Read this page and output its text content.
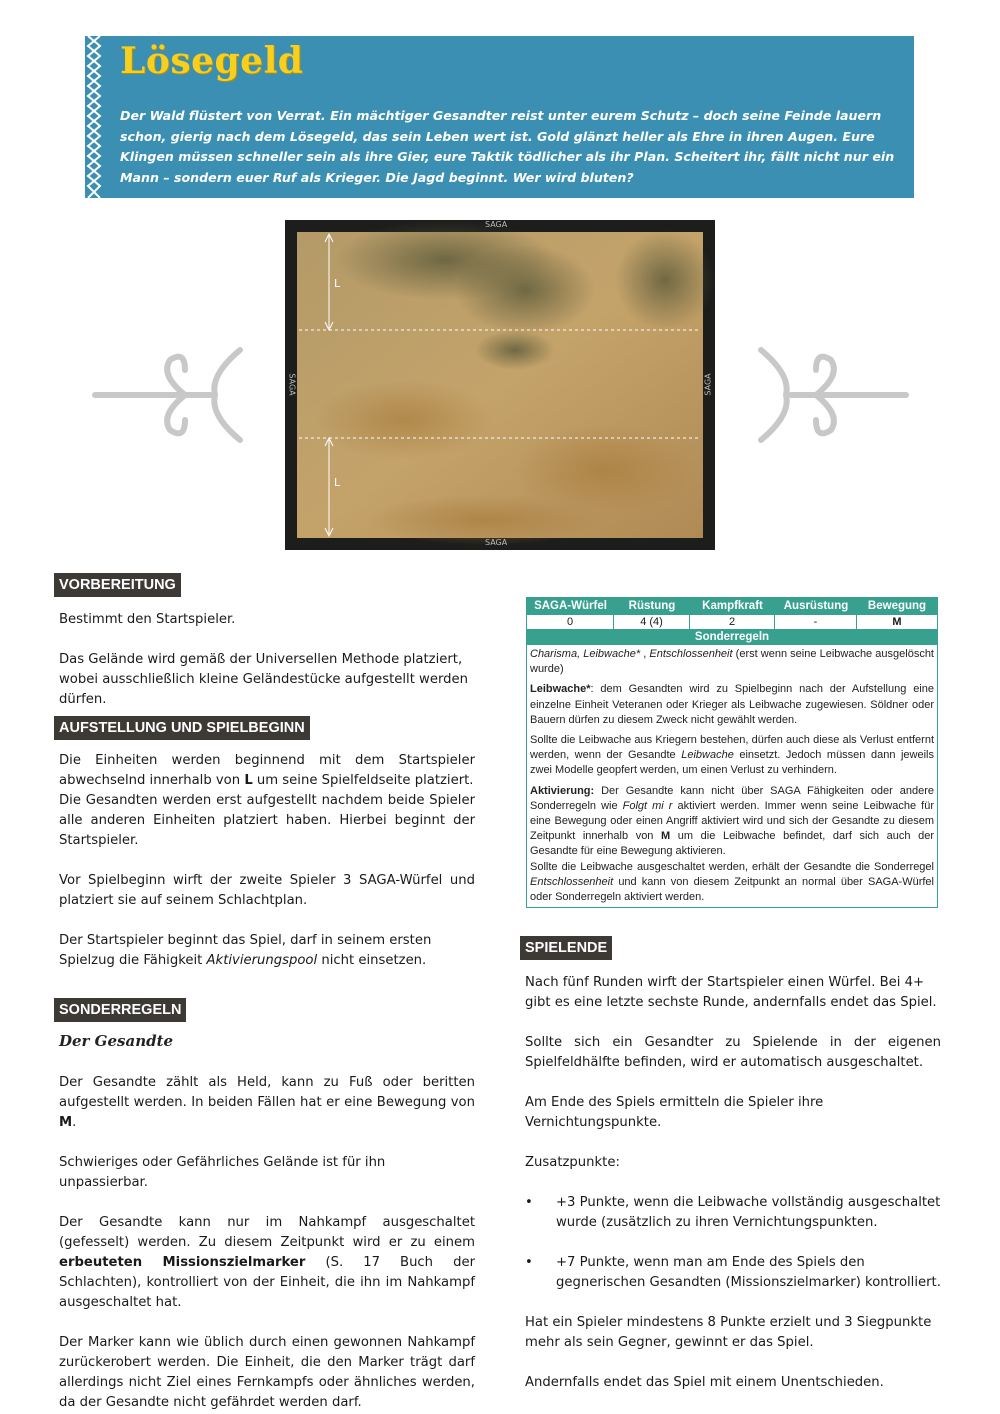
Lösegeld
Der Wald flüstert von Verrat. Ein mächtiger Gesandter reist unter eurem Schutz – doch seine Feinde lauern schon, gierig nach dem Lösegeld, das sein Leben wert ist. Gold glänzt heller als Ehre in ihren Augen. Eure Klingen müssen schneller sein als ihre Gier, eure Taktik tödlicher als ihr Plan. Scheitert ihr, fällt nicht nur ein Mann – sondern euer Ruf als Krieger. Die Jagd beginnt. Wer wird bluten?
L
L
SAGA
SAGA
SAGA	SAGA
VORBEREITUNG

Bestimmt den Startspieler.

Das Gelände wird gemäß der Universellen Methode platziert, wobei ausschließlich kleine Geländestücke aufgestellt werden dürfen.

AUFSTELLUNG UND SPIELBEGINN

Die Einheiten werden beginnend mit dem Startspieler abwechselnd innerhalb von L um seine Spielfeldseite platziert.

Die Gesandten werden erst aufgestellt nachdem beide Spieler alle anderen Einheiten platziert haben. Hierbei beginnt der Startspieler.

Vor Spielbeginn wirft der zweite Spieler 3 SAGA-Würfel und platziert sie auf seinem Schlachtplan.

Der Startspieler beginnt das Spiel, darf in seinem ersten Spielzug die Fähigkeit Aktivierungspool nicht einsetzen.

SONDERREGELN
Der Gesandte

Der Gesandte zählt als Held, kann zu Fuß oder beritten aufgestellt werden. In beiden Fällen hat er eine Bewegung von M.

Schwieriges oder Gefährliches Gelände ist für ihn unpassierbar.

Der Gesandte kann nur im Nahkampf ausgeschaltet (gefesselt) werden. Zu diesem Zeitpunkt wird er zu einem erbeuteten Missionszielmarker (S. 17 Buch der Schlachten), kontrolliert von der Einheit, die ihn im Nahkampf ausgeschaltet hat.

Der Marker kann wie üblich durch einen gewonnen Nahkampf zurückerobert werden. Die Einheit, die den Marker trägt darf allerdings nicht Ziel eines Fernkampfs oder ähnliches werden, da der Gesandte nicht gefährdet werden darf.

SAGA-Würfel	Rüstung	Kampfkraft	Ausrüstung	Bewegung
0	4 (4)	2	-	M
Sonderregeln

Charisma, Leibwache* , Entschlossenheit (erst wenn seine Leibwache ausgelöscht wurde)

Leibwache*: dem Gesandten wird zu Spielbeginn nach der Aufstellung eine einzelne Einheit Veteranen oder Krieger als Leibwache zugewiesen. Söldner oder Bauern dürfen zu diesem Zweck nicht gewählt werden.

Sollte die Leibwache aus Kriegern bestehen, dürfen auch diese als Verlust entfernt werden, wenn der Gesandte Leibwache einsetzt. Jedoch müssen dann jeweils zwei Modelle geopfert werden, um einen Verlust zu verhindern.

Aktivierung: Der Gesandte kann nicht über SAGA Fähigkeiten oder andere Sonderregeln wie Folgt mi r aktiviert werden. Immer wenn seine Leibwache für eine Bewegung oder einen Angriff aktiviert wird und sich der Gesandte zu diesem Zeitpunkt innerhalb von M um die Leibwache befindet, darf sich auch der Gesandte für eine Bewegung aktivieren.

Sollte die Leibwache ausgeschaltet werden, erhält der Gesandte die Sonderregel Entschlossenheit und kann von diesem Zeitpunkt an normal über SAGA-Würfel oder Sonderregeln aktiviert werden.

SPIELENDE

Nach fünf Runden wirft der Startspieler einen Würfel. Bei 4+ gibt es eine letzte sechste Runde, andernfalls endet das Spiel.

Sollte sich ein Gesandter zu Spielende in der eigenen Spielfeldhälfte befinden, wird er automatisch ausgeschaltet.

Am Ende des Spiels ermitteln die Spieler ihre Vernichtungspunkte.

Zusatzpunkte:

• +3 Punkte, wenn die Leibwache vollständig ausgeschaltet wurde (zusätzlich zu ihren Vernichtungspunkten.
• +7 Punkte, wenn man am Ende des Spiels den gegnerischen Gesandten (Missionszielmarker) kontrolliert.

Hat ein Spieler mindestens 8 Punkte erzielt und 3 Siegpunkte mehr als sein Gegner, gewinnt er das Spiel.

Andernfalls endet das Spiel mit einem Unentschieden.
